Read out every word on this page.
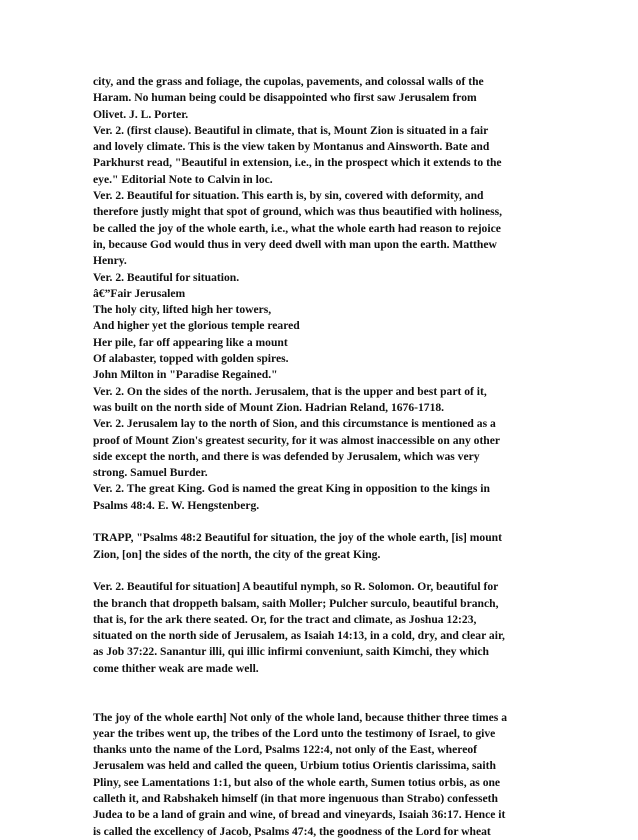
city, and the grass and foliage, the cupolas, pavements, and colossal walls of the

Haram. No human being could be disappointed who first saw Jerusalem from

Olivet. J. L. Porter.

Ver. 2. (first clause). Beautiful in climate, that is, Mount Zion is situated in a fair

and lovely climate. This is the view taken by Montanus and Ainsworth. Bate and

Parkhurst read, "Beautiful in extension, i.e., in the prospect which it extends to the

eye." Editorial Note to Calvin in loc.

Ver. 2. Beautiful for situation. This earth is, by sin, covered with deformity, and

therefore justly might that spot of ground, which was thus beautified with holiness,

be called the joy of the whole earth, i.e., what the whole earth had reason to rejoice

in, because God would thus in very deed dwell with man upon the earth. Matthew

Henry.

Ver. 2. Beautiful for situation.

â€”Fair Jerusalem

The holy city, lifted high her towers,

And higher yet the glorious temple reared

Her pile, far off appearing like a mount

Of alabaster, topped with golden spires.

John Milton in "Paradise Regained."

Ver. 2. On the sides of the north. Jerusalem, that is the upper and best part of it,

was built on the north side of Mount Zion. Hadrian Reland, 1676-1718.

Ver. 2. Jerusalem lay to the north of Sion, and this circumstance is mentioned as a

proof of Mount Zion's greatest security, for it was almost inaccessible on any other

side except the north, and there is was defended by Jerusalem, which was very

strong. Samuel Burder.

Ver. 2. The great King. God is named the great King in opposition to the kings in

Psalms 48:4. E. W. Hengstenberg.

TRAPP, "Psalms 48:2 Beautiful for situation, the joy of the whole earth, [is] mount

Zion, [on] the sides of the north, the city of the great King.

Ver. 2. Beautiful for situation] A beautiful nymph, so R. Solomon. Or, beautiful for

the branch that droppeth balsam, saith Moller; Pulcher surculo, beautiful branch,

that is, for the ark there seated. Or, for the tract and climate, as Joshua 12:23,

situated on the north side of Jerusalem, as Isaiah 14:13, in a cold, dry, and clear air,

as Job 37:22. Sanantur illi, qui illic infirmi conveniunt, saith Kimchi, they which

come thither weak are made well.

The joy of the whole earth] Not only of the whole land, because thither three times a

year the tribes went up, the tribes of the Lord unto the testimony of Israel, to give

thanks unto the name of the Lord, Psalms 122:4, not only of the East, whereof

Jerusalem was held and called the queen, Urbium totius Orientis clarissima, saith

Pliny, see Lamentations 1:1, but also of the whole earth, Sumen totius orbis, as one

calleth it, and Rabshakeh himself (in that more ingenuous than Strabo) confesseth

Judea to be a land of grain and wine, of bread and vineyards, Isaiah 36:17. Hence it

is called the excellency of Jacob, Psalms 47:4, the goodness of the Lord for wheat
